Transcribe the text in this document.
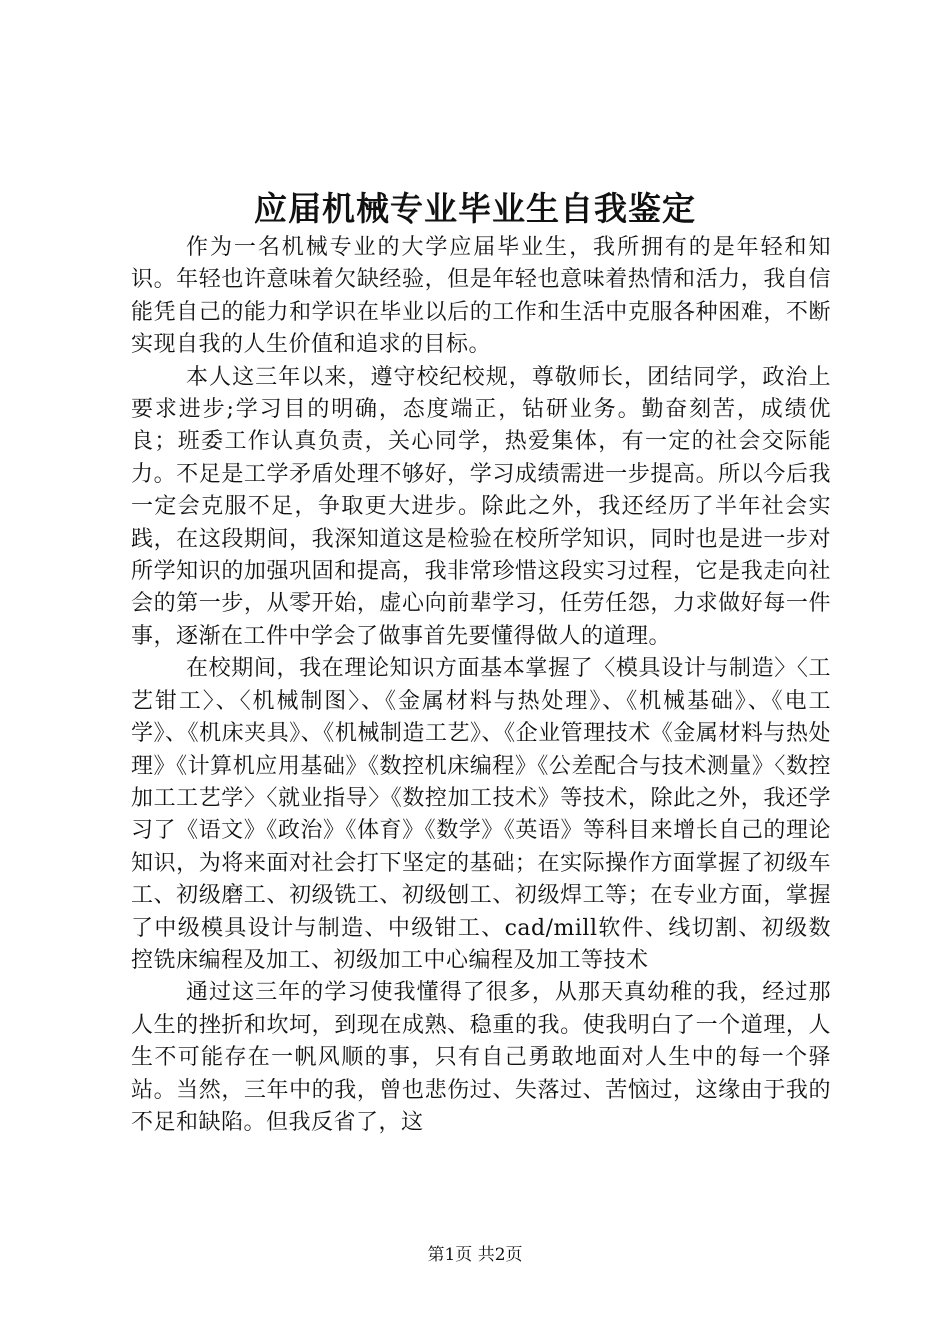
应届机械专业毕业生自我鉴定

作为一名机械专业的大学应届毕业生，我所拥有的是年轻和知识。年轻也许意味着欠缺经验，但是年轻也意味着热情和活力，我自信能凭自己的能力和学识在毕业以后的工作和生活中克服各种困难，不断实现自我的人生价值和追求的目标。

本人这三年以来，遵守校纪校规，尊敬师长，团结同学，政治上要求进步;学习目的明确，态度端正，钻研业务。勤奋刻苦，成绩优良；班委工作认真负责，关心同学，热爱集体，有一定的社会交际能力。不足是工学矛盾处理不够好，学习成绩需进一步提高。所以今后我一定会克服不足，争取更大进步。除此之外，我还经历了半年社会实践，在这段期间，我深知道这是检验在校所学知识，同时也是进一步对所学知识的加强巩固和提高，我非常珍惜这段实习过程，它是我走向社会的第一步，从零开始，虚心向前辈学习，任劳任怨，力求做好每一件事，逐渐在工件中学会了做事首先要懂得做人的道理。

在校期间，我在理论知识方面基本掌握了〈模具设计与制造〉〈工艺钳工〉、〈机械制图〉、《金属材料与热处理》、《机械基础》、《电工学》、《机床夹具》、《机械制造工艺》、《企业管理技术《金属材料与热处理》《计算机应用基础》《数控机床编程》《公差配合与技术测量》〈数控加工工艺学〉〈就业指导〉《数控加工技术》等技术，除此之外，我还学习了《语文》《政治》《体育》《数学》《英语》等科目来增长自己的理论知识，为将来面对社会打下坚定的基础；在实际操作方面掌握了初级车工、初级磨工、初级铣工、初级刨工、初级焊工等；在专业方面，掌握了中级模具设计与制造、中级钳工、cad/mill软件、线切割、初级数控铣床编程及加工、初级加工中心编程及加工等技术

通过这三年的学习使我懂得了很多，从那天真幼稚的我，经过那人生的挫折和坎坷，到现在成熟、稳重的我。使我明白了一个道理，人生不可能存在一帆风顺的事，只有自己勇敢地面对人生中的每一个驿站。当然，三年中的我，曾也悲伤过、失落过、苦恼过，这缘由于我的不足和缺陷。但我反省了，这

第1页 共2页
